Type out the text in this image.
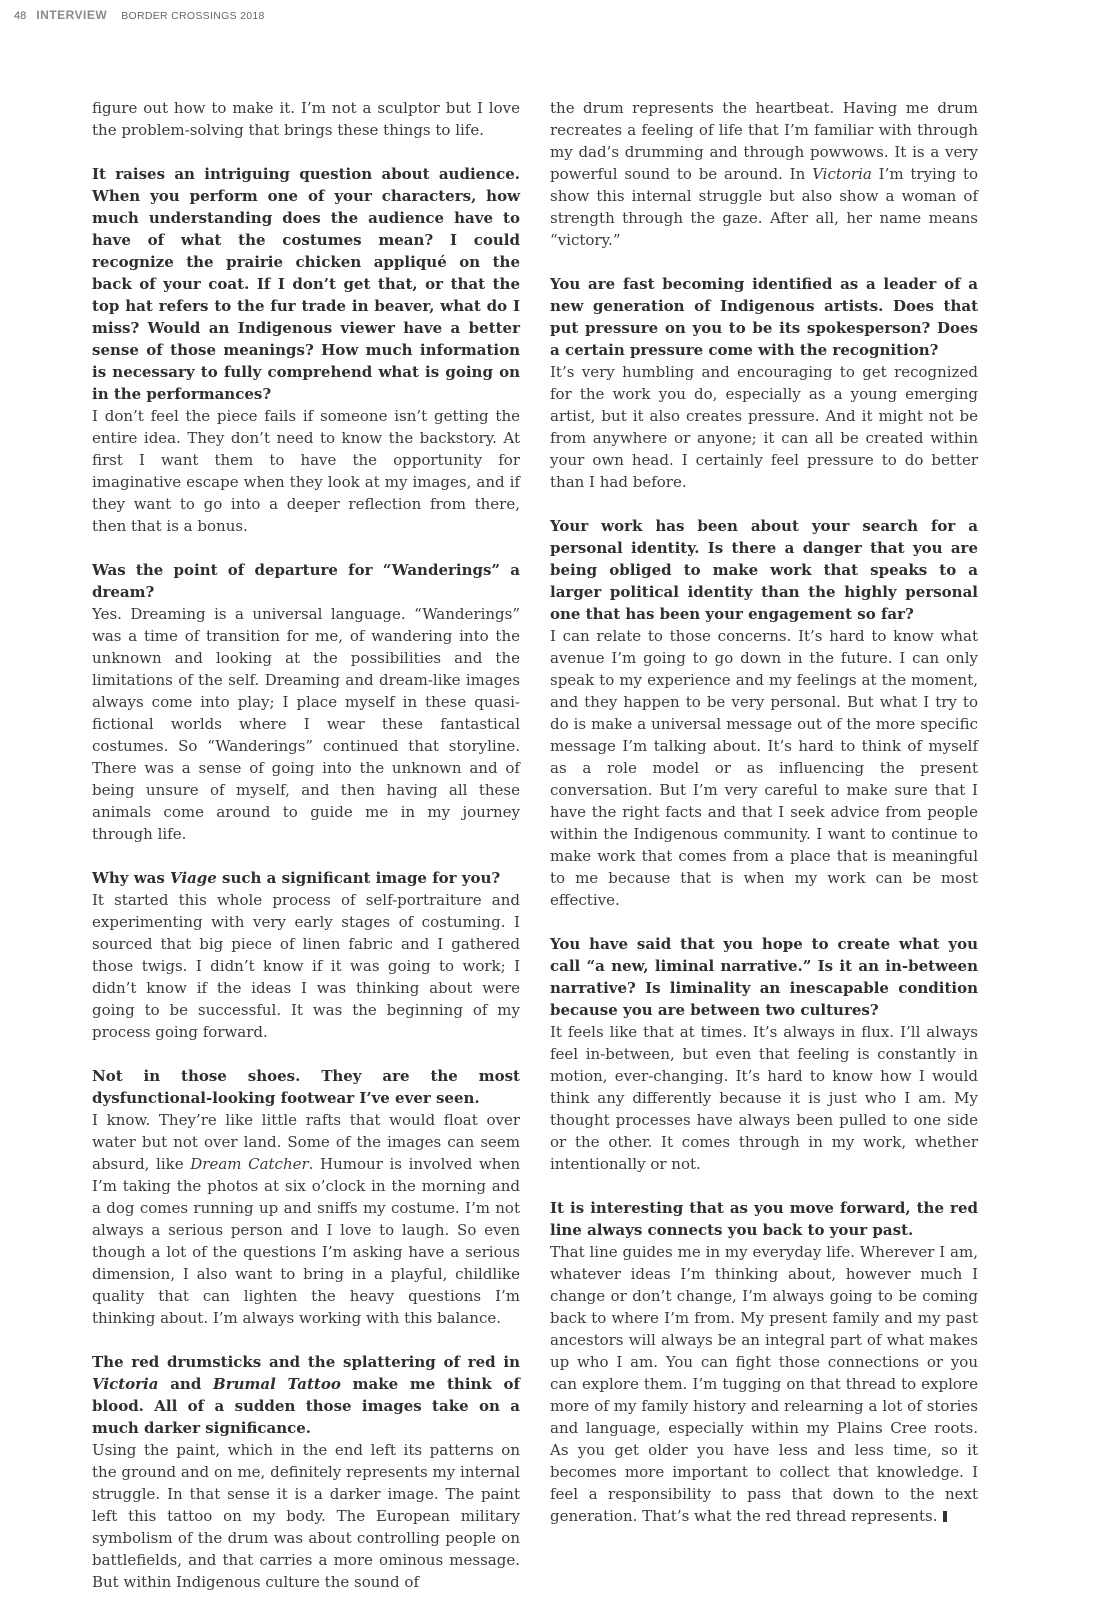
48 INTERVIEW BORDER CROSSINGS 2018

figure out how to make it. I’m not a sculptor but I love the problem-solving that brings these things to life.

It raises an intriguing question about audience. When you perform one of your characters, how much understanding does the audience have to have of what the costumes mean? I could recognize the prairie chicken appliqué on the back of your coat. If I don’t get that, or that the top hat refers to the fur trade in beaver, what do I miss? Would an Indigenous viewer have a better sense of those meanings? How much information is necessary to fully comprehend what is going on in the performances?

I don’t feel the piece fails if someone isn’t getting the entire idea. They don’t need to know the backstory. At first I want them to have the opportunity for imaginative escape when they look at my images, and if they want to go into a deeper reflection from there, then that is a bonus.

Was the point of departure for “Wanderings” a dream?

Yes. Dreaming is a universal language. “Wanderings” was a time of transition for me, of wandering into the unknown and looking at the possibilities and the limitations of the self. Dreaming and dream-like images always come into play; I place myself in these quasi-fictional worlds where I wear these fantastical costumes. So “Wanderings” continued that storyline. There was a sense of going into the unknown and of being unsure of myself, and then having all these animals come around to guide me in my journey through life.

Why was Viage such a significant image for you?

It started this whole process of self-portraiture and experimenting with very early stages of costuming. I sourced that big piece of linen fabric and I gathered those twigs. I didn’t know if it was going to work; I didn’t know if the ideas I was thinking about were going to be successful. It was the beginning of my process going forward.

Not in those shoes. They are the most dysfunctional-looking footwear I’ve ever seen.

I know. They’re like little rafts that would float over water but not over land. Some of the images can seem absurd, like Dream Catcher. Humour is involved when I’m taking the photos at six o’clock in the morning and a dog comes running up and sniffs my costume. I’m not always a serious person and I love to laugh. So even though a lot of the questions I’m asking have a serious dimension, I also want to bring in a playful, childlike quality that can lighten the heavy questions I’m thinking about. I’m always working with this balance.

The red drumsticks and the splattering of red in Victoria and Brumal Tattoo make me think of blood. All of a sudden those images take on a much darker significance.

Using the paint, which in the end left its patterns on the ground and on me, definitely represents my internal struggle. In that sense it is a darker image. The paint left this tattoo on my body. The European military symbolism of the drum was about controlling people on battlefields, and that carries a more ominous message. But within Indigenous culture the sound of

the drum represents the heartbeat. Having me drum recreates a feeling of life that I’m familiar with through my dad’s drumming and through powwows. It is a very powerful sound to be around. In Victoria I’m trying to show this internal struggle but also show a woman of strength through the gaze. After all, her name means “victory.”

You are fast becoming identified as a leader of a new generation of Indigenous artists. Does that put pressure on you to be its spokesperson? Does a certain pressure come with the recognition?

It’s very humbling and encouraging to get recognized for the work you do, especially as a young emerging artist, but it also creates pressure. And it might not be from anywhere or anyone; it can all be created within your own head. I certainly feel pressure to do better than I had before.

Your work has been about your search for a personal identity. Is there a danger that you are being obliged to make work that speaks to a larger political identity than the highly personal one that has been your engagement so far?

I can relate to those concerns. It’s hard to know what avenue I’m going to go down in the future. I can only speak to my experience and my feelings at the moment, and they happen to be very personal. But what I try to do is make a universal message out of the more specific message I’m talking about. It’s hard to think of myself as a role model or as influencing the present conversation. But I’m very careful to make sure that I have the right facts and that I seek advice from people within the Indigenous community. I want to continue to make work that comes from a place that is meaningful to me because that is when my work can be most effective.

You have said that you hope to create what you call “a new, liminal narrative.” Is it an in-between narrative? Is liminality an inescapable condition because you are between two cultures?

It feels like that at times. It’s always in flux. I’ll always feel in-between, but even that feeling is constantly in motion, ever-changing. It’s hard to know how I would think any differently because it is just who I am. My thought processes have always been pulled to one side or the other. It comes through in my work, whether intentionally or not.

It is interesting that as you move forward, the red line always connects you back to your past.

That line guides me in my everyday life. Wherever I am, whatever ideas I’m thinking about, however much I change or don’t change, I’m always going to be coming back to where I’m from. My present family and my past ancestors will always be an integral part of what makes up who I am. You can fight those connections or you can explore them. I’m tugging on that thread to explore more of my family history and relearning a lot of stories and language, especially within my Plains Cree roots. As you get older you have less and less time, so it becomes more important to collect that knowledge. I feel a responsibility to pass that down to the next generation. That’s what the red thread represents.
